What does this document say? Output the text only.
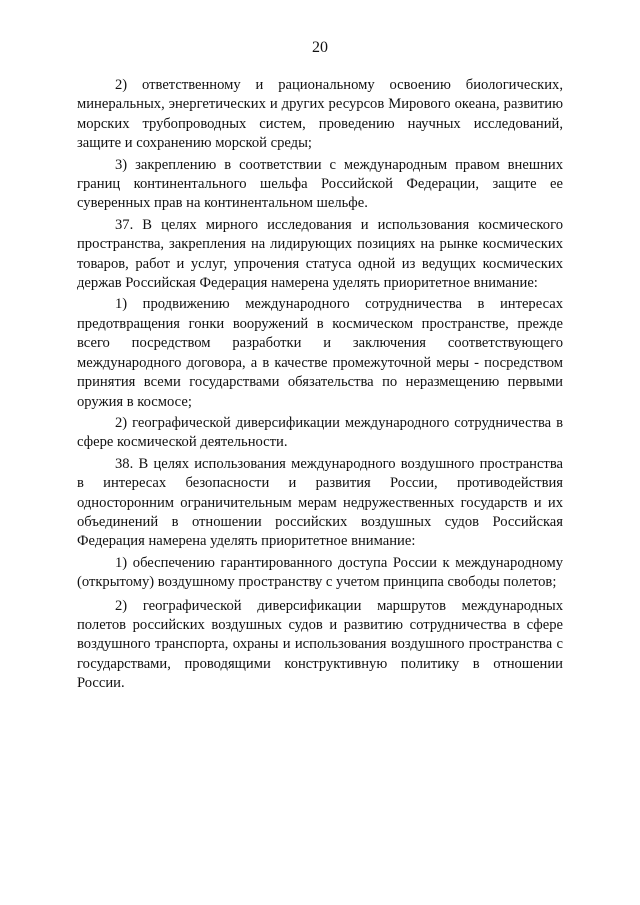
20

2) ответственному и рациональному освоению биологических, минеральных, энергетических и других ресурсов Мирового океана, развитию морских трубопроводных систем, проведению научных исследований, защите и сохранению морской среды;

3) закреплению в соответствии с международным правом внешних границ континентального шельфа Российской Федерации, защите ее суверенных прав на континентальном шельфе.

37. В целях мирного исследования и использования космического пространства, закрепления на лидирующих позициях на рынке космических товаров, работ и услуг, упрочения статуса одной из ведущих космических держав Российская Федерация намерена уделять приоритетное внимание:

1) продвижению международного сотрудничества в интересах предотвращения гонки вооружений в космическом пространстве, прежде всего посредством разработки и заключения соответствующего международного договора, а в качестве промежуточной меры - посредством принятия всеми государствами обязательства по неразмещению первыми оружия в космосе;

2) географической диверсификации международного сотрудничества в сфере космической деятельности.

38. В целях использования международного воздушного пространства в интересах безопасности и развития России, противодействия односторонним ограничительным мерам недружественных государств и их объединений в отношении российских воздушных судов Российская Федерация намерена уделять приоритетное внимание:

1) обеспечению гарантированного доступа России к международному (открытому) воздушному пространству с учетом принципа свободы полетов;

2) географической диверсификации маршрутов международных полетов российских воздушных судов и развитию сотрудничества в сфере воздушного транспорта, охраны и использования воздушного пространства с государствами, проводящими конструктивную политику в отношении России.
